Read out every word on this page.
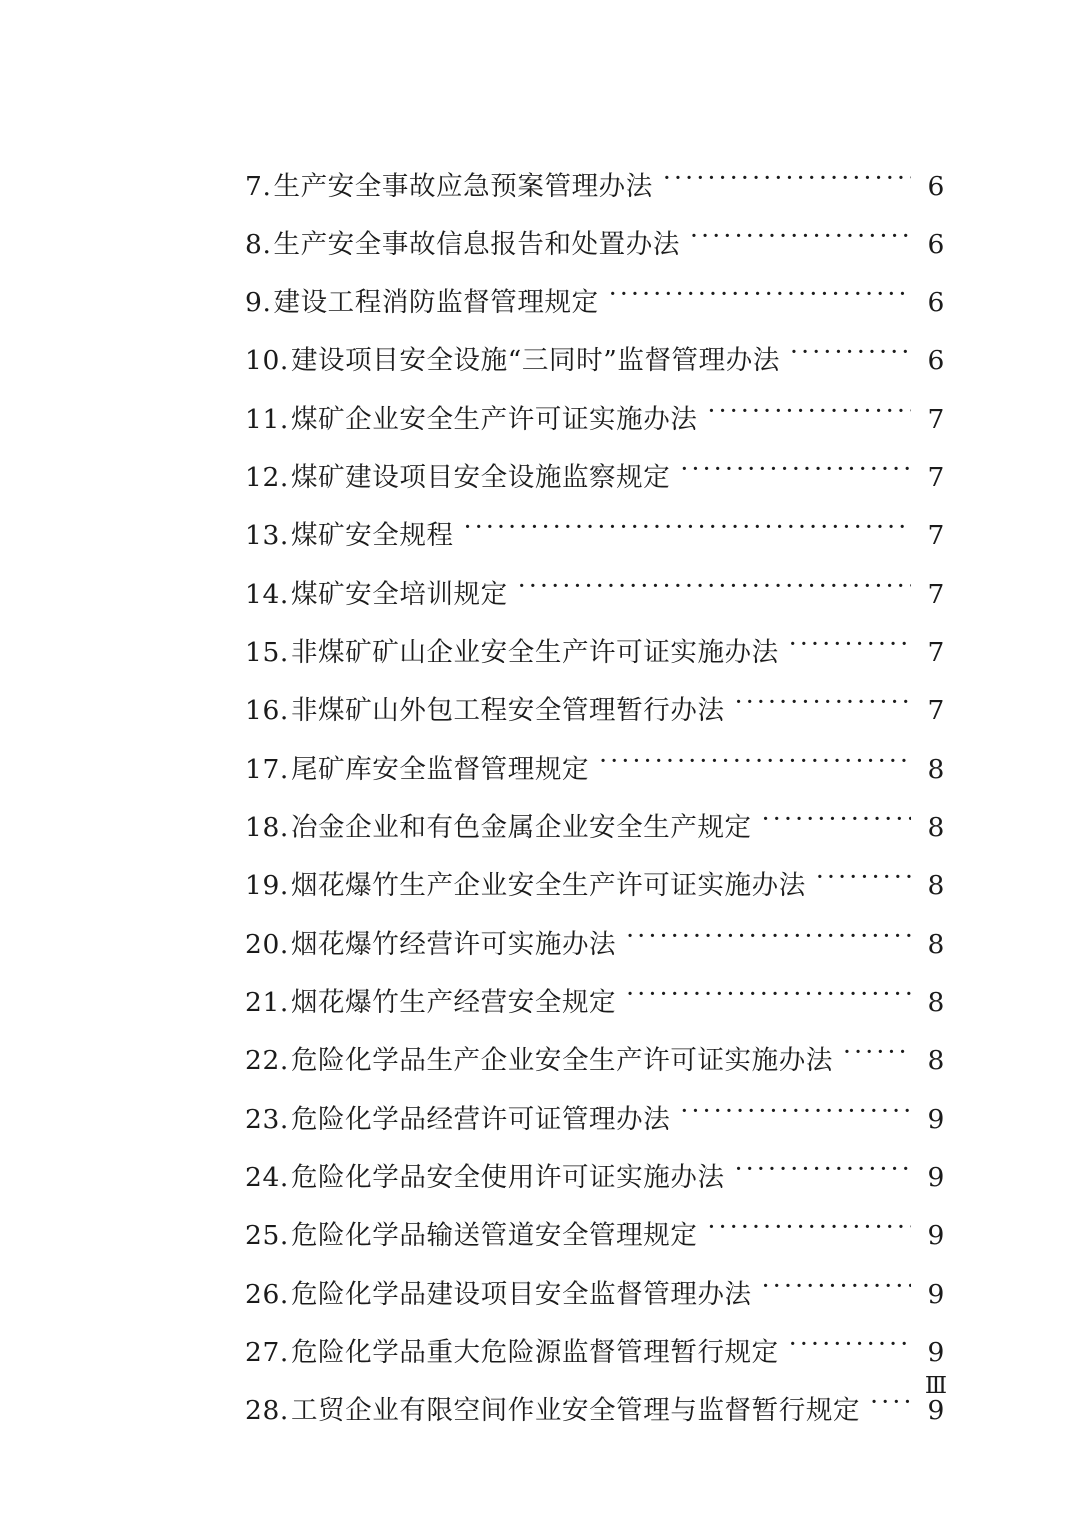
7. 生产安全事故应急预案管理办法 ·····	6
8. 生产安全事故信息报告和处置办法 ·····	6
9. 建设工程消防监督管理规定 ·····	6
10. 建设项目安全设施“三同时”监督管理办法 ·····	6
11. 煤矿企业安全生产许可证实施办法 ·····	7
12. 煤矿建设项目安全设施监察规定 ·····	7
13. 煤矿安全规程 ·····	7
14. 煤矿安全培训规定 ·····	7
15. 非煤矿矿山企业安全生产许可证实施办法 ·····	7
16. 非煤矿山外包工程安全管理暂行办法 ·····	7
17. 尾矿库安全监督管理规定 ·····	8
18. 冶金企业和有色金属企业安全生产规定 ·····	8
19. 烟花爆竹生产企业安全生产许可证实施办法 ·····	8
20. 烟花爆竹经营许可实施办法 ·····	8
21. 烟花爆竹生产经营安全规定 ·····	8
22. 危险化学品生产企业安全生产许可证实施办法 ·····	8
23. 危险化学品经营许可证管理办法 ·····	9
24. 危险化学品安全使用许可证实施办法 ·····	9
25. 危险化学品输送管道安全管理规定 ·····	9
26. 危险化学品建设项目安全监督管理办法 ·····	9
27. 危险化学品重大危险源监督管理暂行规定 ·····	9
28. 工贸企业有限空间作业安全管理与监督暂行规定 ·····	9
Ⅲ
